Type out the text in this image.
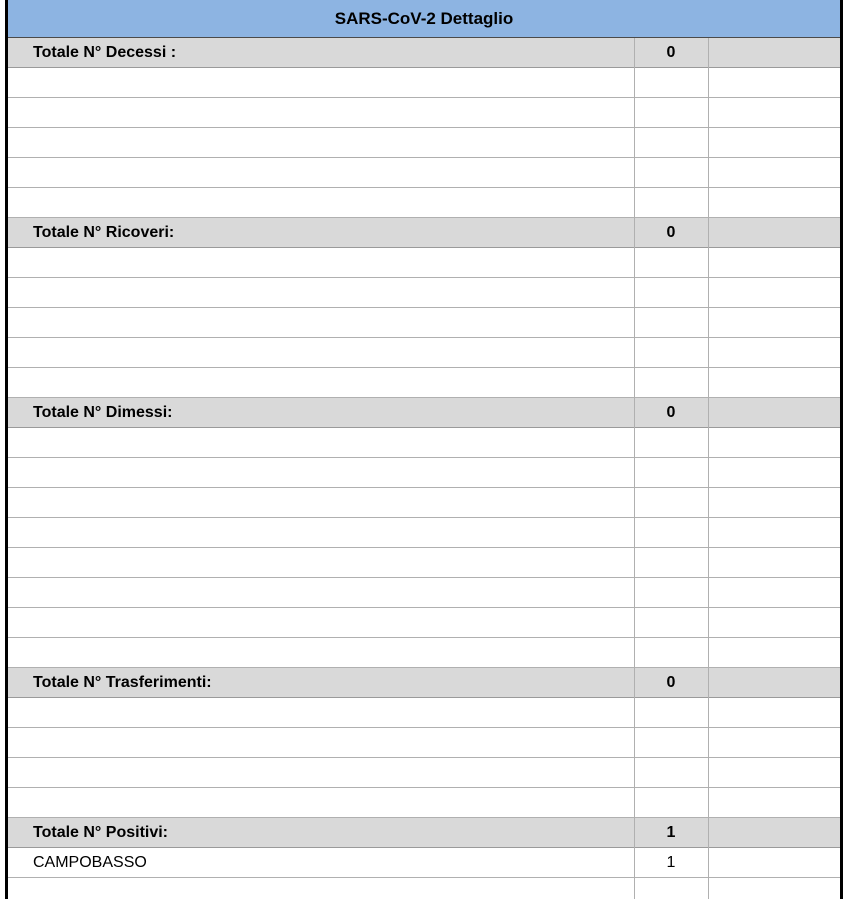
SARS-CoV-2 Dettaglio
Totale N° Decessi :	0
Totale N° Ricoveri:	0
Totale N° Dimessi:	0
Totale N° Trasferimenti:	0
Totale N° Positivi:	1
CAMPOBASSO	1
